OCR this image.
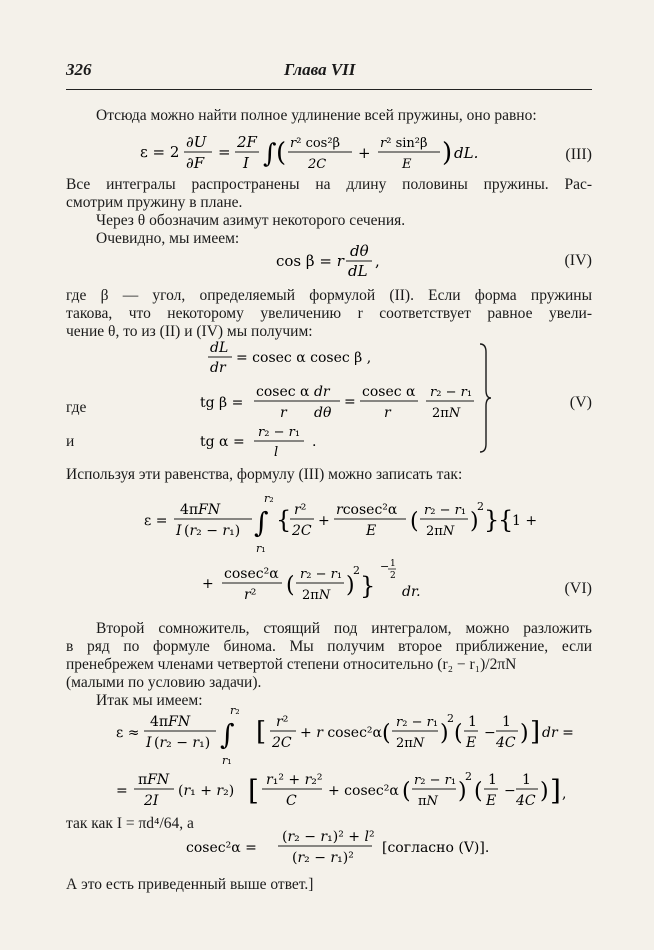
326	Глава VII
Отсюда можно найти полное удлинение всей пружины, оно равно:
ε = 2
∂U
∂F
=
2F
I ∫ ( r² cos²β
2C
+
r² sin²β
E ) dL.	(III)
Все интегралы распространены на длину половины пружины. Рас-
смотрим пружину в плане.
Через θ обозначим азимут некоторого сечения.
Очевидно, мы имеем:
cos β = r
dθ
dL
,	(IV)
где β — угол, определяемый формулой (II). Если форма пружины
такова, что некоторому увеличению r соответствует равное увели-
чение θ, то из (II) и (IV) мы получим:
dL
dr
= cosec α cosec β ,
tg β =
cosec α dr
r dθ
=
cosec α
r
r₂ − r₁
2πN
tg α =
r₂ − r₁
l
.
где
и
(V)
Используя эти равенства, формулу (III) можно записать так:
ε =
4πFN
I (r₂ − r₁) ∫
r₂
r₁
{ r²
2C
+
rcosec²α
E ( r₂ − r₁
2πN )
2 }
{
1 +
+
cosec²α
r² ( r₂ − r₁
2πN )
2
}
− 1
2
dr.	(VI)
Второй сомножитель, стоящий под интегралом, можно разложить
в ряд по формуле бинома. Мы получим второе приближение, если
пренебрежем членами четвертой степени относительно (r₂ − r₁)/2πN
(малыми по условию задачи).
Итак мы имеем:
ε ≈
4πFN
I (r₂ − r₁) ∫
r₂
r₁
[ r²
2C
+ r cosec²α ( r₂ − r₁
2πN )
2
( 1
E
−
1
4C ) ] dr =
=
πFN
2I
(r₁ + r₂) [ r₁² + r₂²
C
+ cosec²α ( r₂ − r₁
πN )
2
( 1
E
−
1
4C ) ] ,
так как I = πd⁴/64, а
cosec²α =
(r₂ − r₁)² + l²
(r₂ − r₁)²
[согласно (V)].
А это есть приведенный выше ответ.]
